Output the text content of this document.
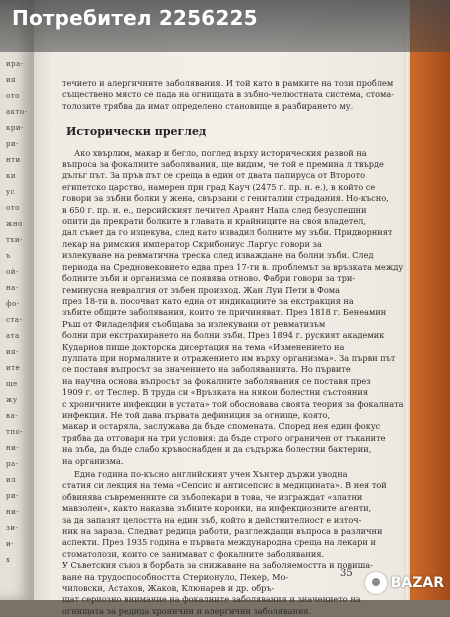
ира-
ия
ото
акто-
кри-
ри-
нти
ки
ус
ото
жно
тхи-
ъ
ой-
на-
фо-
ста-
ата
ия-
ите
ще
жу
ва-
тпо-
ни-
ра-
ил
ри-
ни-
зи-
и-
х

течието и алергичните заболявания. И той като в рамките на този проблем
съществено място се пада на огнищата в зъбно-челюстната система, стома-
толозите трябва да имат определено становище в разбирането му.

Исторически преглед

Ако хвърлим, макар и бегло, поглед върху историческия развой на
въпроса за фокалните заболявания, ще видим, че той е премина л твърде
дълъг път. За пръв път се среща в един от двата папируса от Второто
египетско царство, намерен при град Кауч (2475 г. пр. н. е.), в който се
говори за зъбни болки у жена, свързани с гениталии страдания. Но-късно,
в 650 г. пр. н. е., персийският лечител Араянт Напа след безуспешни
опити да прекрати болките в главата и крайниците на своя владетел,
дал съвет да го изцекува, след като извадил болните му зъби. Придворният
лекар на римския император Скрибониус Ларгус говори за
излекуване на ревматична треска след изваждане на болни зъби. След
периода на Средновековието едва през 17-ти в. проблемът за връзката между
болните зъби и организма се появява отново. Фабри говори за три-
геминусна невралгия от зъбен произход. Жан Луи Пети в Фома
през 18-ти в. посочват като една от индикациите за екстракция на
зъбите общите заболявания, които те причиняват. През 1818 г. Бенеамин
Ръш от Филаделфия съобщава за излекувани от ревматизъм
болни при екстрахирането на болни зъби. През 1894 г. руският академик
Кударнов пише докторска дисертация на тема «Изменението на
пулпата при нормалните и отражението им върху организма». За първи път
се поставя въпросът за значението на заболяванията. Но първите
на научна основа въпросът за фокалните заболявания се поставя през
1909 г. от Теслер. В труда си «Връзката на някои болестни състояния
с хроничните инфекции в устата» той обосновава своята теория за фокалната
инфекция. Не той дава първата дефиниция за огнище, която,
макар и остаряла, заслужава да бъде спомената. Според нея един фокус
трябва да отговаря на три условия: да бъде строго ограничен от тъканите
на зъба, да бъде слабо кръвоснабден и да съдържа болестни бактерии,
на организма.

Една година по-късно английският учен Хънтер държи уводна
статия си лекция на тема «Сепсис и антисепсис в медицината». В нея той
обвинява съвременните си зъболекари в това, че изграждат «златни
мавзолеи», както наказва зъбните коронки, на инфекциозните агенти,
за да запазят целостта на един зъб, който в действителност е източ-
ник на зараза. Следват редица работи, разглеждащи въпроса в различни
аспекти. През 1935 година е първата международна среща на лекари и
стоматолози, които се занимават с фокалните заболявания.
У Съветския съюз в борбата за снижаване на заболяемостта и повиша-
ване на трудоспособността Стерионуло, Пекер, Мо-
чиловски, Астахов, Жаков, Клюнарев и др. обръ-
щат сериозно внимание на фокалните заболявания и значението на
огнищата за редица хронични и алергични заболявания.

35
Потребител 2256225
BAZAR
